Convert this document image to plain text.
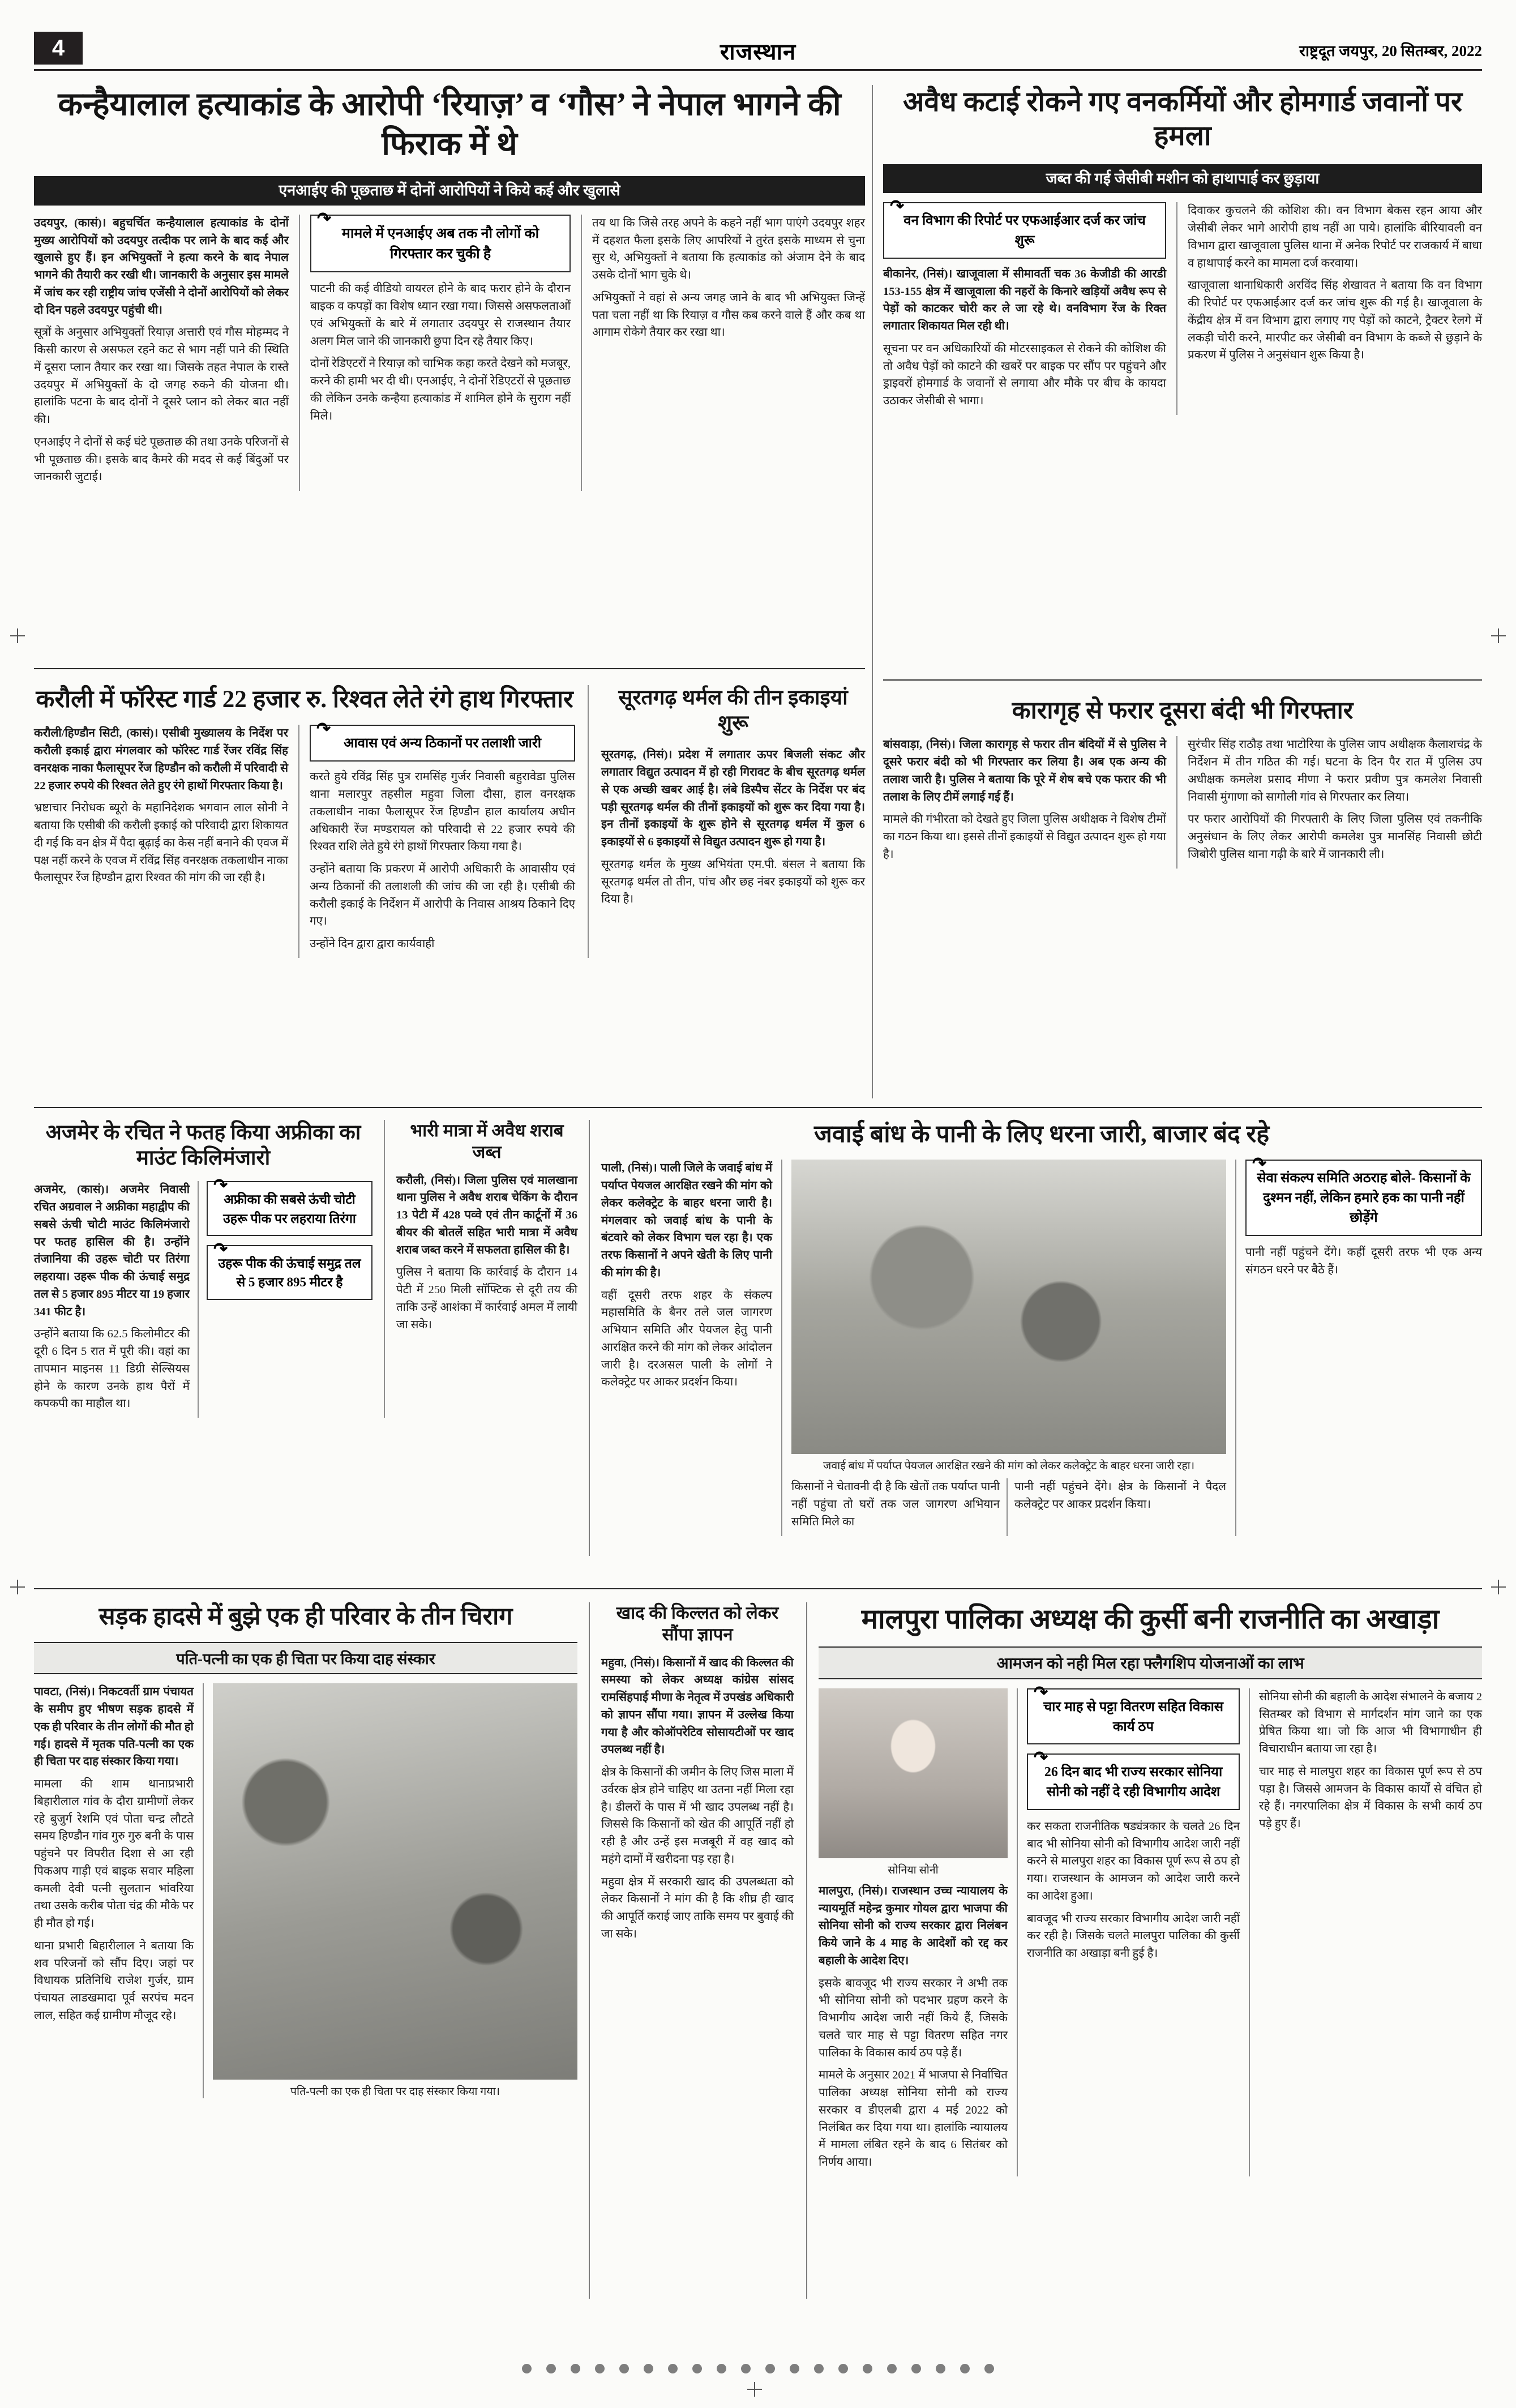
4	राजस्थान	राष्ट्रदूत जयपुर, 20 सितम्बर, 2022
कन्हैयालाल हत्याकांड के आरोपी ‘रियाज़’ व ‘गौस’ ने नेपाल भागने की फिराक में थे
एनआईए की पूछताछ में दोनों आरोपियों ने किये कई और खुलासे

उदयपुर, (कासं)। बहुचर्चित कन्हैयालाल हत्याकांड के दोनों मुख्य आरोपियों को उदयपुर तत्दीक पर लाने के बाद कई और खुलासे हुए हैं। इन अभियुक्तों ने हत्या करने के बाद नेपाल भागने की तैयारी कर रखी थी। जानकारी के अनुसार इस मामले में जांच कर रही राष्ट्रीय जांच एजेंसी ने दोनों आरोपियों को लेकर दो दिन पहले उदयपुर पहुंची थी।

सूत्रों के अनुसार अभियुक्तों रियाज़ अत्तारी एवं गौस मोहम्मद ने किसी कारण से असफल रहने कट से भाग नहीं पाने की स्थिति में दूसरा प्लान तैयार कर रखा था। जिसके तहत नेपाल के रास्ते उदयपुर में अभियुक्तों के दो जगह रुकने की योजना थी। हालांकि पटना के बाद दोनों ने दूसरे प्लान को लेकर बात नहीं की।

एनआईए ने दोनों से कई घंटे पूछताछ की तथा उनके परिजनों से भी पूछताछ की। इसके बाद कैमरे की मदद से कई बिंदुओं पर जानकारी जुटाई।

↷
मामले में एनआईए अब तक नौ लोगों को गिरफ्तार कर चुकी है

पाटनी की कई वीडियो वायरल होने के बाद फरार होने के दौरान बाइक व कपड़ों का विशेष ध्यान रखा गया। जिससे असफलताओं एवं अभियुक्तों के बारे में लगातार उदयपुर से राजस्थान तैयार अलग मिल जाने की जानकारी छुपा दिन रहे तैयार किए।

दोनों रेडिएटरों ने रियाज़ को चाभिक कहा करते देखने को मजबूर, करने की हामी भर दी थी। एनआईए, ने दोनों रेडिएटरों से पूछताछ की लेकिन उनके कन्हैया हत्याकांड में शामिल होने के सुराग नहीं मिले।

तय था कि जिसे तरह अपने के कहने नहीं भाग पाएंगे उदयपुर शहर में दहशत फैला इसके लिए आपरियों ने तुरंत इसके माध्यम से चुना सुर थे, अभियुक्तों ने बताया कि हत्याकांड को अंजाम देने के बाद उसके दोनों भाग चुके थे।

अभियुक्तों ने वहां से अन्य जगह जाने के बाद भी अभियुक्त जिन्हें पता चला नहीं था कि रियाज़ व गौस कब करने वाले हैं और कब था आगाम रोकेगे तैयार कर रखा था।

अवैध कटाई रोकने गए वनकर्मियों और होमगार्ड जवानों पर हमला
जब्त की गई जेसीबी मशीन को हाथापाई कर छुड़ाया
↷
वन विभाग की रिपोर्ट पर एफआईआर दर्ज कर जांच शुरू

बीकानेर, (निसं)। खाजूवाला में सीमावर्ती चक 36 केजीडी की आरडी 153-155 क्षेत्र में खाजूवाला की नहरों के किनारे खड़ियों अवैध रूप से पेड़ों को काटकर चोरी कर ले जा रहे थे। वनविभाग रेंज के रिक्त लगातार शिकायत मिल रही थी।

सूचना पर वन अधिकारियों की मोटरसाइकल से रोकने की कोशिश की तो अवैध पेड़ों को काटने की खबरें पर बाइक पर सौंप पर पहुंचने और ड्राइवरों होमगार्ड के जवानों से लगाया और मौके पर बीच के कायदा उठाकर जेसीबी से भागा।

दिवाकर कुचलने की कोशिश की। वन विभाग बेकस रहन आया और जेसीबी लेकर भागे आरोपी हाथ नहीं आ पाये। हालांकि बीरियावली वन विभाग द्वारा खाजूवाला पुलिस थाना में अनेक रिपोर्ट पर राजकार्य में बाधा व हाथापाई करने का मामला दर्ज करवाया।

खाजूवाला थानाधिकारी अरविंद सिंह शेखावत ने बताया कि वन विभाग की रिपोर्ट पर एफआईआर दर्ज कर जांच शुरू की गई है। खाजूवाला के केंद्रीय क्षेत्र में वन विभाग द्वारा लगाए गए पेड़ों को काटने, ट्रैक्टर रेलगे में लकड़ी चोरी करने, मारपीट कर जेसीबी वन विभाग के कब्जे से छुड़ाने के प्रकरण में पुलिस ने अनुसंधान शुरू किया है।

करौली में फॉरेस्ट गार्ड 22 हजार रु. रिश्वत लेते रंगे हाथ गिरफ्तार

करौली/हिण्डौन सिटी, (कासं)। एसीबी मुख्यालय के निर्देश पर करौली इकाई द्वारा मंगलवार को फॉरेस्ट गार्ड रेंजर रविंद्र सिंह वनरक्षक नाका फैलासूपर रेंज हिण्डौन को करौली में परिवादी से 22 हजार रुपये की रिश्वत लेते हुए रंगे हाथों गिरफ्तार किया है।

भ्रष्टाचार निरोधक ब्यूरो के महानिदेशक भगवान लाल सोनी ने बताया कि एसीबी की करौली इकाई को परिवादी द्वारा शिकायत दी गई कि वन क्षेत्र में पैदा बूढ़ाई का केस नहीं बनाने की एवज में पक्ष नहीं करने के एवज में रविंद्र सिंह वनरक्षक तकलाधीन नाका फैलासूपर रेंज हिण्डौन द्वारा रिश्वत की मांग की जा रही है।

↷
आवास एवं अन्य ठिकानों पर तलाशी जारी

करते हुये रविंद्र सिंह पुत्र रामसिंह गुर्जर निवासी बहुरावेडा पुलिस थाना मलारपुर तहसील महुवा जिला दौसा, हाल वनरक्षक तकलाधीन नाका फैलासूपर रेंज हिण्डौन हाल कार्यालय अधीन अधिकारी रेंज मण्डरायल को परिवादी से 22 हजार रुपये की रिश्वत राशि लेते हुये रंगे हाथों गिरफ्तार किया गया है।

उन्होंने बताया कि प्रकरण में आरोपी अधिकारी के आवासीय एवं अन्य ठिकानों की तलाशली की जांच की जा रही है। एसीबी की करौली इकाई के निर्देशन में आरोपी के निवास आश्रय ठिकाने दिए गए।

उन्होंने दिन द्वारा द्वारा कार्यवाही

सूरतगढ़ थर्मल की तीन इकाइयां शुरू

सूरतगढ़, (निसं)। प्रदेश में लगातार ऊपर बिजली संकट और लगातार विद्युत उत्पादन में हो रही गिरावट के बीच सूरतगढ़ थर्मल से एक अच्छी खबर आई है। लंबे डिस्पैच सेंटर के निर्देश पर बंद पड़ी सूरतगढ़ थर्मल की तीनों इकाइयों को शुरू कर दिया गया है। इन तीनों इकाइयों के शुरू होने से सूरतगढ़ थर्मल में कुल 6 इकाइयों से 6 इकाइयों से विद्युत उत्पादन शुरू हो गया है।

सूरतगढ़ थर्मल के मुख्य अभियंता एम.पी. बंसल ने बताया कि सूरतगढ़ थर्मल तो तीन, पांच और छह नंबर इकाइयों को शुरू कर दिया है।

कारागृह से फरार दूसरा बंदी भी गिरफ्तार

बांसवाड़ा, (निसं)। जिला कारागृह से फरार तीन बंदियों में से पुलिस ने दूसरे फरार बंदी को भी गिरफ्तार कर लिया है। अब एक अन्य की तलाश जारी है। पुलिस ने बताया कि पूरे में शेष बचे एक फरार की भी तलाश के लिए टीमें लगाई गई हैं।

मामले की गंभीरता को देखते हुए जिला पुलिस अधीक्षक ने विशेष टीमों का गठन किया था। इससे तीनों इकाइयों से विद्युत उत्पादन शुरू हो गया है।

सुरंचीर सिंह राठौड़ तथा भाटोरिया के पुलिस जाप अधीक्षक कैलाशचंद्र के निर्देशन में तीन गठित की गई। घटना के दिन पैर रात में पुलिस उप अधीक्षक कमलेश प्रसाद मीणा ने फरार प्रवीण पुत्र कमलेश निवासी निवासी मुंगाणा को सागोली गांव से गिरफ्तार कर लिया।

पर फरार आरोपियों की गिरफ्तारी के लिए जिला पुलिस एवं तकनीकि अनुसंधान के लिए लेकर आरोपी कमलेश पुत्र मानसिंह निवासी छोटी जिबोरी पुलिस थाना गढ़ी के बारे में जानकारी ली।

अजमेर के रचित ने फतह किया अफ्रीका का माउंट किलिमंजारो

अजमेर, (कासं)। अजमेर निवासी रचित अग्रवाल ने अफ्रीका महाद्वीप की सबसे ऊंची चोटी माउंट किलिमंजारो पर फतह हासिल की है। उन्होंने तंजानिया की उहरू चोटी पर तिरंगा लहराया। उहरू पीक की ऊंचाई समुद्र तल से 5 हजार 895 मीटर या 19 हजार 341 फीट है।

उन्होंने बताया कि 62.5 किलोमीटर की दूरी 6 दिन 5 रात में पूरी की। वहां का तापमान माइनस 11 डिग्री सेल्सियस होने के कारण उनके हाथ पैरों में कपकपी का माहौल था।

↷
अफ्रीका की सबसे ऊंची चोटी उहरू पीक पर लहराया तिरंगा
↷
उहरू पीक की ऊंचाई समुद्र तल से 5 हजार 895 मीटर है
भारी मात्रा में अवैध शराब जब्त

करौली, (निसं)। जिला पुलिस एवं मालखाना थाना पुलिस ने अवैध शराब चेकिंग के दौरान 13 पेटी में 428 पव्वे एवं तीन कार्टूनों में 36 बीयर की बोतलें सहित भारी मात्रा में अवैध शराब जब्त करने में सफलता हासिल की है।

पुलिस ने बताया कि कार्रवाई के दौरान 14 पेटी में 250 मिली सॉफ्टिक से दूरी तय की ताकि उन्हें आशंका में कार्रवाई अमल में लायी जा सके।

जवाई बांध के पानी के लिए धरना जारी, बाजार बंद रहे

पाली, (निसं)। पाली जिले के जवाई बांध में पर्याप्त पेयजल आरक्षित रखने की मांग को लेकर कलेक्ट्रेट के बाहर धरना जारी है। मंगलवार को जवाई बांध के पानी के बंटवारे को लेकर विभाग चल रहा है। एक तरफ किसानों ने अपने खेती के लिए पानी की मांग की है।

वहीं दूसरी तरफ शहर के संकल्प महासमिति के बैनर तले जल जागरण अभियान समिति और पेयजल हेतु पानी आरक्षित करने की मांग को लेकर आंदोलन जारी है। दरअसल पाली के लोगों ने कलेक्ट्रेट पर आकर प्रदर्शन किया।

जवाई बांध में पर्याप्त पेयजल आरक्षित रखने की मांग को लेकर कलेक्ट्रेट के बाहर धरना जारी रहा।

किसानों ने चेतावनी दी है कि खेतों तक पर्याप्त पानी नहीं पहुंचा तो घरों तक जल जागरण अभियान समिति मिले का

पानी नहीं पहुंचने देंगे। क्षेत्र के किसानों ने पैदल कलेक्ट्रेट पर आकर प्रदर्शन किया।

↷
सेवा संकल्प समिति अठराह बोले- किसानों के दुश्मन नहीं, लेकिन हमारे हक का पानी नहीं छोड़ेंगे

पानी नहीं पहुंचने देंगे। कहीं दूसरी तरफ भी एक अन्य संगठन धरने पर बैठे हैं।

सड़क हादसे में बुझे एक ही परिवार के तीन चिराग
पति-पत्नी का एक ही चिता पर किया दाह संस्कार

पावटा, (निसं)। निकटवर्ती ग्राम पंचायत के समीप हुए भीषण सड़क हादसे में एक ही परिवार के तीन लोगों की मौत हो गई। हादसे में मृतक पति-पत्नी का एक ही चिता पर दाह संस्कार किया गया।

मामला की शाम थानाप्रभारी बिहारीलाल गांव के दौरा ग्रामीणों लेकर रहे बुजुर्ग रेशमि एवं पोता चन्द्र लौटते समय हिण्डौन गांव गुरु गुरु बनी के पास पहुंचने पर विपरीत दिशा से आ रही पिकअप गाड़ी एवं बाइक सवार महिला कमली देवी पत्नी सुलतान भांवरिया तथा उसके करीब पोता चंद्र की मौके पर ही मौत हो गई।

थाना प्रभारी बिहारीलाल ने बताया कि शव परिजनों को सौंप दिए। जहां पर विधायक प्रतिनिधि राजेश गुर्जर, ग्राम पंचायत लाडखमादा पूर्व सरपंच मदन लाल, सहित कई ग्रामीण मौजूद रहे।

पति-पत्नी का एक ही चिता पर दाह संस्कार किया गया।
खाद की किल्लत को लेकर सौंपा ज्ञापन

महुवा, (निसं)। किसानों में खाद की किल्लत की समस्या को लेकर अध्यक्ष कांग्रेस सांसद रामसिंहपाई मीणा के नेतृत्व में उपखंड अधिकारी को ज्ञापन सौंपा गया। ज्ञापन में उल्लेख किया गया है और कोऑपरेटिव सोसायटीओं पर खाद उपलब्ध नहीं है।

क्षेत्र के किसानों की जमीन के लिए जिस माला में उर्वरक क्षेत्र होने चाहिए था उतना नहीं मिला रहा है। डीलरों के पास में भी खाद उपलब्ध नहीं है। जिससे कि किसानों को खेत की आपूर्ति नहीं हो रही है और उन्हें इस मजबूरी में वह खाद को महंगे दामों में खरीदना पड़ रहा है।

महुवा क्षेत्र में सरकारी खाद की उपलब्धता को लेकर किसानों ने मांग की है कि शीघ्र ही खाद की आपूर्ति कराई जाए ताकि समय पर बुवाई की जा सके।

मालपुरा पालिका अध्यक्ष की कुर्सी बनी राजनीति का अखाड़ा
आमजन को नही मिल रहा फ्लैगशिप योजनाओं का लाभ
सोनिया सोनी

मालपुरा, (निसं)। राजस्थान उच्च न्यायालय के न्यायमूर्ति महेन्द्र कुमार गोयल द्वारा भाजपा की सोनिया सोनी को राज्य सरकार द्वारा निलंबन किये जाने के 4 माह के आदेशों को रद्द कर बहाली के आदेश दिए।

इसके बावजूद भी राज्य सरकार ने अभी तक भी सोनिया सोनी को पदभार ग्रहण करने के विभागीय आदेश जारी नहीं किये हैं, जिसके चलते चार माह से पट्टा वितरण सहित नगर पालिका के विकास कार्य ठप पड़े हैं।

मामले के अनुसार 2021 में भाजपा से निर्वाचित पालिका अध्यक्ष सोनिया सोनी को राज्य सरकार व डीएलबी द्वारा 4 मई 2022 को निलंबित कर दिया गया था। हालांकि न्यायालय में मामला लंबित रहने के बाद 6 सितंबर को निर्णय आया।

↷
चार माह से पट्टा वितरण सहित विकास कार्य ठप
↷
26 दिन बाद भी राज्य सरकार सोनिया सोनी को नहीं दे रही विभागीय आदेश

कर सकता राजनीतिक षड्यंत्रकार के चलते 26 दिन बाद भी सोनिया सोनी को विभागीय आदेश जारी नहीं करने से मालपुरा शहर का विकास पूर्ण रूप से ठप हो गया। राजस्थान के आमजन को आदेश जारी करने का आदेश हुआ।

बावजूद भी राज्य सरकार विभागीय आदेश जारी नहीं कर रही है। जिसके चलते मालपुरा पालिका की कुर्सी राजनीति का अखाड़ा बनी हुई है।

सोनिया सोनी की बहाली के आदेश संभालने के बजाय 2 सितम्बर को विभाग से मार्गदर्शन मांग जाने का एक प्रेषित किया था। जो कि आज भी विभागाधीन ही विचाराधीन बताया जा रहा है।

चार माह से मालपुरा शहर का विकास पूर्ण रूप से ठप पड़ा है। जिससे आमजन के विकास कार्यों से वंचित हो रहे हैं। नगरपालिका क्षेत्र में विकास के सभी कार्य ठप पड़े हुए हैं।
